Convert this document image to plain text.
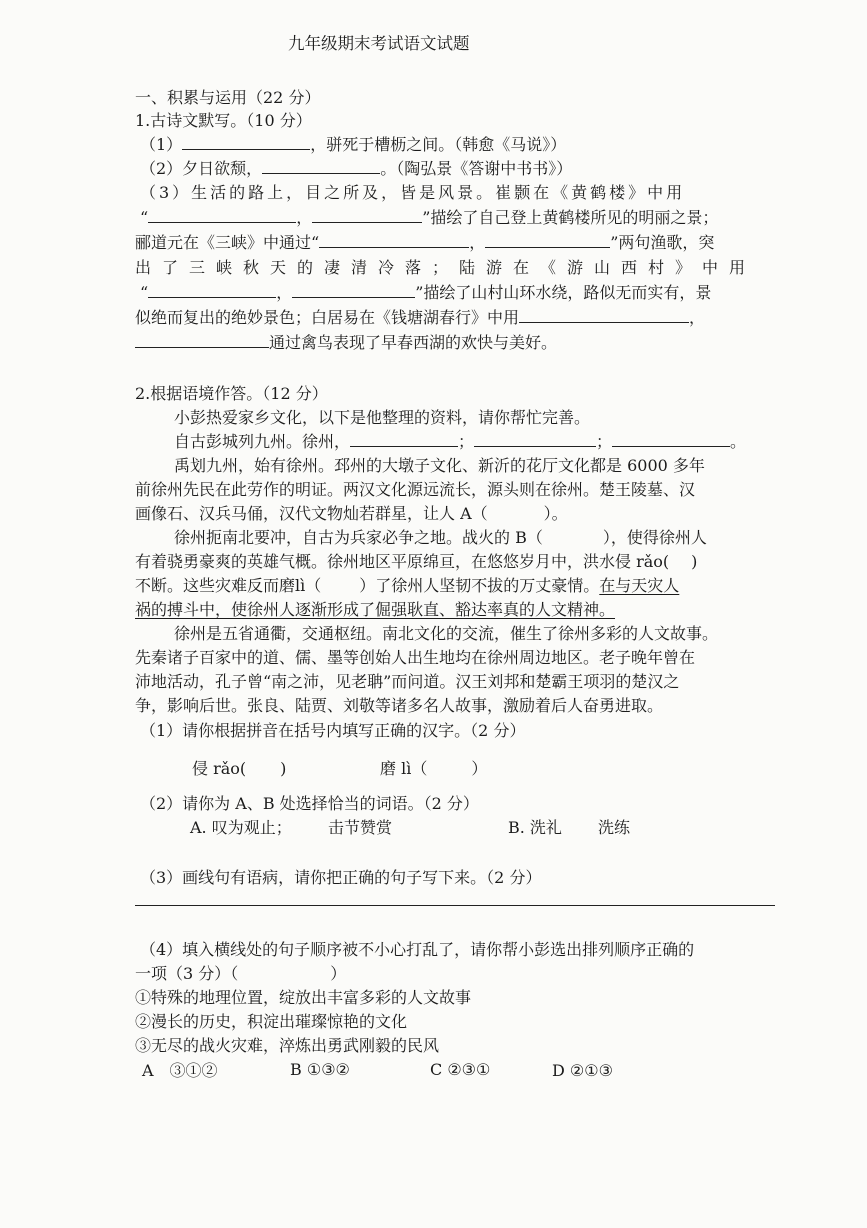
九年级期末考试语文试题
一、积累与运用（22 分）
1.古诗文默写。（10 分）
（1）	，骈死于槽枥之间。（韩愈《马说》）
（2）夕日欲颓，	。（陶弘景《答谢中书书》）
（3）生活的路上，目之所及，皆是风景。崔颢在《黄鹤楼》中用
“	，	”描绘了自己登上黄鹤楼所见的明丽之景；
郦道元在《三峡》中通过“	，	”两句渔歌，突
出了三峡秋天的凄清冷落；陆游在《游山西村》中用
“	，	”描绘了山村山环水绕，路似无而实有，景
似绝而复出的绝妙景色；白居易在《钱塘湖春行》中用	，
通过禽鸟表现了早春西湖的欢快与美好。
2.根据语境作答。（12 分）
小彭热爱家乡文化，以下是他整理的资料，请你帮忙完善。
自古彭城列九州。徐州，	；	；	。
禹划九州，始有徐州。邳州的大墩子文化、新沂的花厅文化都是 6000 多年
前徐州先民在此劳作的明证。两汉文化源远流长，源头则在徐州。楚王陵墓、汉
画像石、汉兵马俑，汉代文物灿若群星，让人 A（	）。
徐州扼南北要冲，自古为兵家必争之地。战火的 B（	），使得徐州人
有着骁勇豪爽的英雄气概。徐州地区平原绵亘，在悠悠岁月中，洪水侵 rǎo( )
不断。这些灾难反而磨lì（ ）了徐州人坚韧不拔的万丈豪情。在与天灾人
祸的搏斗中，使徐州人逐渐形成了倔强耿直、豁达率真的人文精神。
徐州是五省通衢，交通枢纽。南北文化的交流，催生了徐州多彩的人文故事。
先秦诸子百家中的道、儒、墨等创始人出生地均在徐州周边地区。老子晚年曾在
沛地活动，孔子曾“南之沛，见老聃”而问道。汉王刘邦和楚霸王项羽的楚汉之
争，影响后世。张良、陆贾、刘敬等诸多名人故事，激励着后人奋勇进取。
（1）请你根据拼音在括号内填写正确的汉字。（2 分）
侵 rǎo( )	磨 lì（	）
（2）请你为 A、B 处选择恰当的词语。（2 分）
A. 叹为观止； 击节赞赏	B. 洗礼 洗练
（3）画线句有语病，请你把正确的句子写下来。（2 分）
（4）填入横线处的句子顺序被不小心打乱了，请你帮小彭选出排列顺序正确的
一项（3 分）（	）
①特殊的地理位置，绽放出丰富多彩的人文故事
②漫长的历史，积淀出璀璨惊艳的文化
③无尽的战火灾难，淬炼出勇武刚毅的民风
A　③①②	B ①③②	C ②③①	D ②①③
